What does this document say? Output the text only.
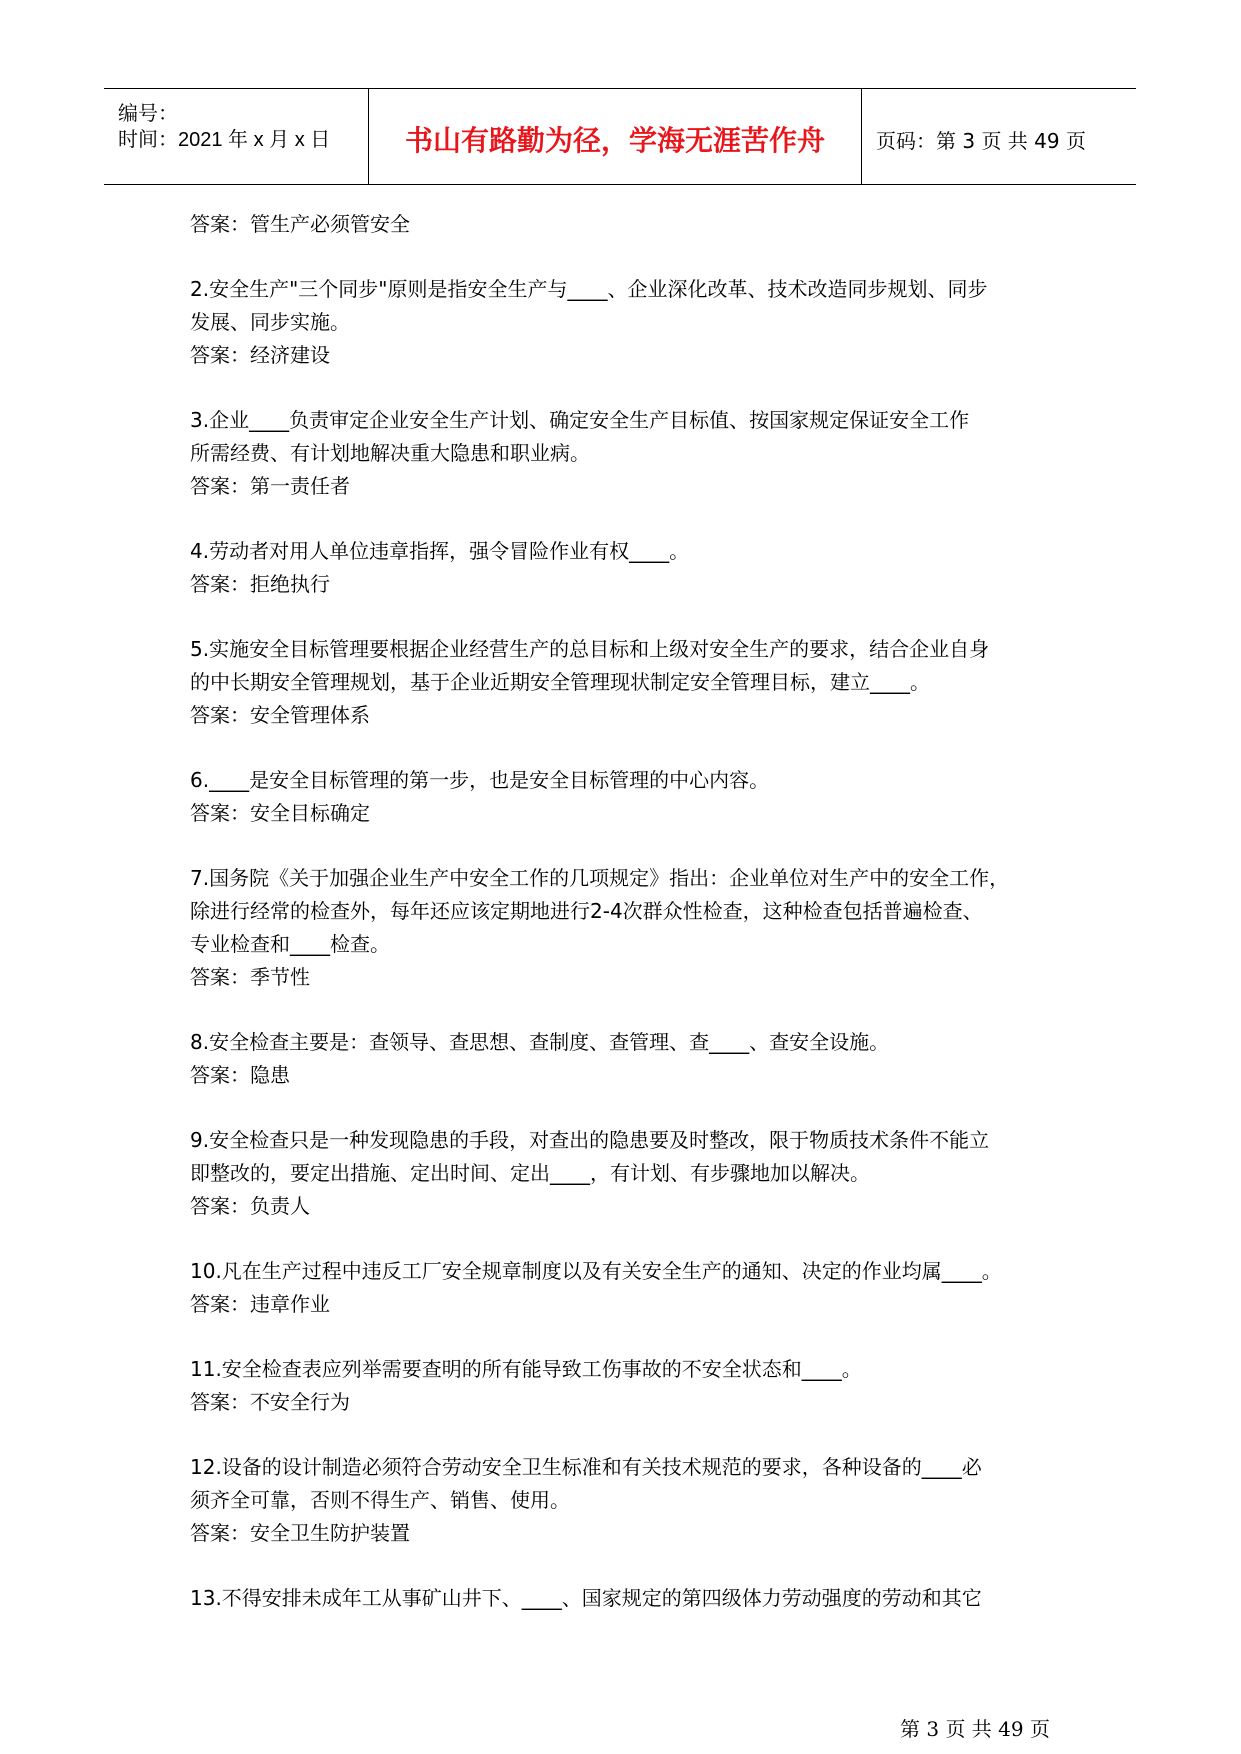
编号：
时间：2021 年 x 月 x 日	书山有路勤为径，学海无涯苦作舟	页码：第 3 页 共 49 页
答案：管生产必须管安全
2.安全生产"三个同步"原则是指安全生产与____、企业深化改革、技术改造同步规划、同步
发展、同步实施。
答案：经济建设
3.企业____负责审定企业安全生产计划、确定安全生产目标值、按国家规定保证安全工作
所需经费、有计划地解决重大隐患和职业病。
答案：第一责任者
4.劳动者对用人单位违章指挥，强令冒险作业有权____。
答案：拒绝执行
5.实施安全目标管理要根据企业经营生产的总目标和上级对安全生产的要求，结合企业自身
的中长期安全管理规划，基于企业近期安全管理现状制定安全管理目标，建立____。
答案：安全管理体系
6.____是安全目标管理的第一步，也是安全目标管理的中心内容。
答案：安全目标确定
7.国务院《关于加强企业生产中安全工作的几项规定》指出：企业单位对生产中的安全工作，
除进行经常的检查外，每年还应该定期地进行2-4次群众性检查，这种检查包括普遍检查、
专业检查和____检查。
答案：季节性
8.安全检查主要是：查领导、查思想、查制度、查管理、查____、查安全设施。
答案：隐患
9.安全检查只是一种发现隐患的手段，对查出的隐患要及时整改，限于物质技术条件不能立
即整改的，要定出措施、定出时间、定出____，有计划、有步骤地加以解决。
答案：负责人
10.凡在生产过程中违反工厂安全规章制度以及有关安全生产的通知、决定的作业均属____。
答案：违章作业
11.安全检查表应列举需要查明的所有能导致工伤事故的不安全状态和____。
答案：不安全行为
12.设备的设计制造必须符合劳动安全卫生标准和有关技术规范的要求，各种设备的____必
须齐全可靠，否则不得生产、销售、使用。
答案：安全卫生防护装置
13.不得安排未成年工从事矿山井下、____、国家规定的第四级体力劳动强度的劳动和其它
第 3 页 共 49 页
